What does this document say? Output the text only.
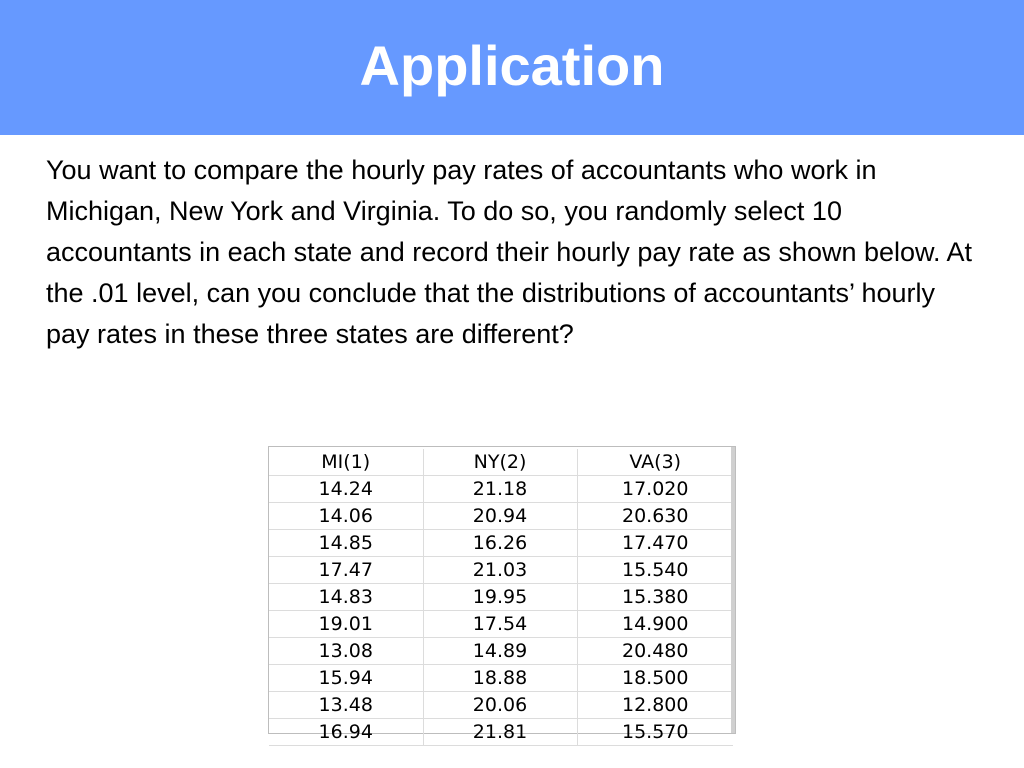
Application
You want to compare the hourly pay rates of accountants who work in Michigan, New York and Virginia. To do so, you randomly select 10 accountants in each state and record their hourly pay rate as shown below. At the .01 level, can you conclude that the distributions of accountants’ hourly pay rates in these three states are different?
MI(1)	NY(2)	VA(3)
14.24	21.18	17.020
14.06	20.94	20.630
14.85	16.26	17.470
17.47	21.03	15.540
14.83	19.95	15.380
19.01	17.54	14.900
13.08	14.89	20.480
15.94	18.88	18.500
13.48	20.06	12.800
16.94	21.81	15.570
